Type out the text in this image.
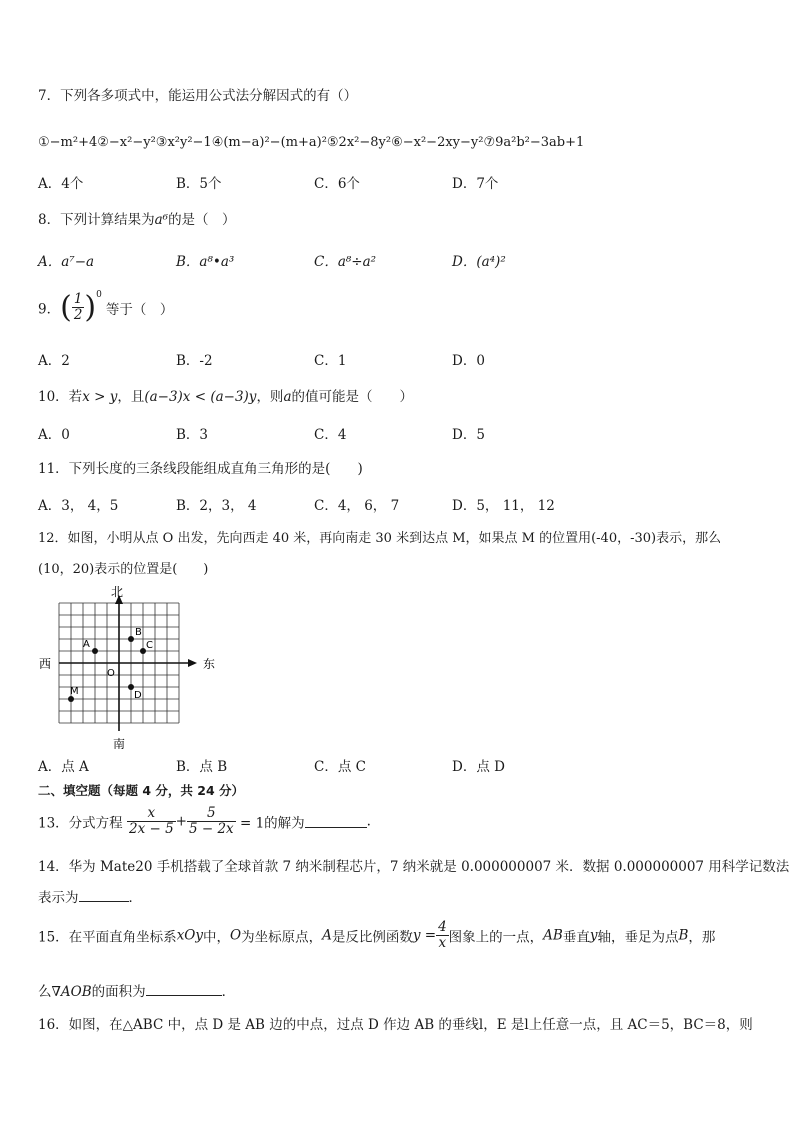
7．下列各多项式中，能运用公式法分解因式的有（）
①−m²+4②−x²−y²③x²y²−1④(m−a)²−(m+a)²⑤2x²−8y²⑥−x²−2xy−y²⑦9a²b²−3ab+1
A．4个	B．5个	C．6个	D．7个
8．下列计算结果为a⁶的是（　）
A．a⁷−a	B．a⁸•a³	C．a⁸÷a²	D．(a⁴)²
9．( $\frac{1}{2} )^0$等于（　）
A．2	B．-2	C．1	D．0
10．若x > y，且(a−3)x < (a−3)y，则a的值可能是（　　）
A．0	B．3	C．4	D．5
11．下列长度的三条线段能组成直角三角形的是(　　)
A．3， 4，5	B．2，3， 4	C．4， 6， 7	D．5， 11， 12
12．如图，小明从点 O 出发，先向西走 40 米，再向南走 30 米到达点 M，如果点 M 的位置用(-40，-30)表示，那么
(10，20)表示的位置是(　　)
北
南
西	东
O
A
B
C
D
M
A．点 A	B．点 B	C．点 C	D．点 D
二、填空题（每题 4 分，共 24 分）
13．分式方程 $\frac{x}{2x - 5} + \frac{5}{5 - 2x} = 1$的解为	.
14．华为 Mate20 手机搭载了全球首款 7 纳米制程芯片，7 纳米就是 0.000000007 米．数据 0.000000007 用科学记数法
表示为	．
15．在平面直角坐标系xOy中，O为坐标原点，A是反比例函数$y = \frac{4}{x}$ 图象上的一点，AB垂直y轴，垂足为点B，那
么∇AOB的面积为	．
16．如图，在△ABC 中，点 D 是 AB 边的中点，过点 D 作边 AB 的垂线l，E 是l上任意一点，且 AC＝5，BC＝8，则
